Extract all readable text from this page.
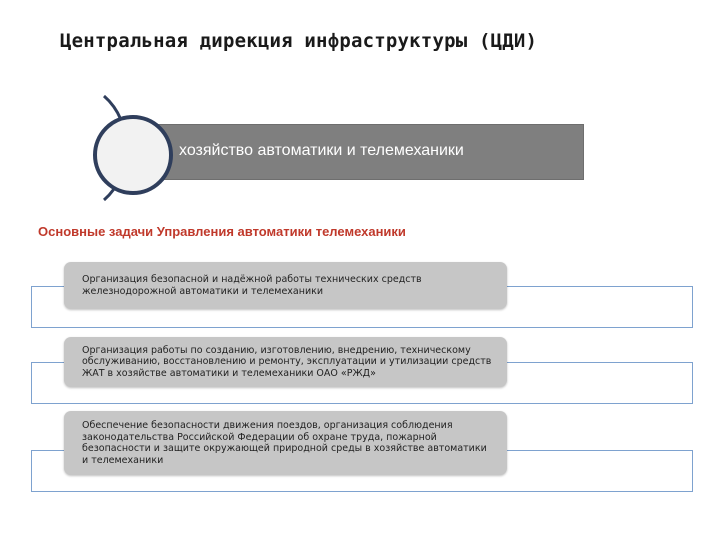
Центральная дирекция инфраструктуры (ЦДИ)
хозяйство автоматики и телемеханики
Основные задачи Управления автоматики телемеханики
Организация безопасной и надёжной работы технических средств железнодорожной автоматики и телемеханики
Организация работы по созданию, изготовлению, внедрению, техническому обслуживанию, восстановлению и ремонту, эксплуатации и утилизации средств ЖАТ в хозяйстве автоматики и телемеханики ОАО «РЖД»
Обеспечение безопасности движения поездов, организация соблюдения законодательства Российской Федерации об охране труда, пожарной безопасности и защите окружающей природной среды в хозяйстве автоматики и телемеханики
